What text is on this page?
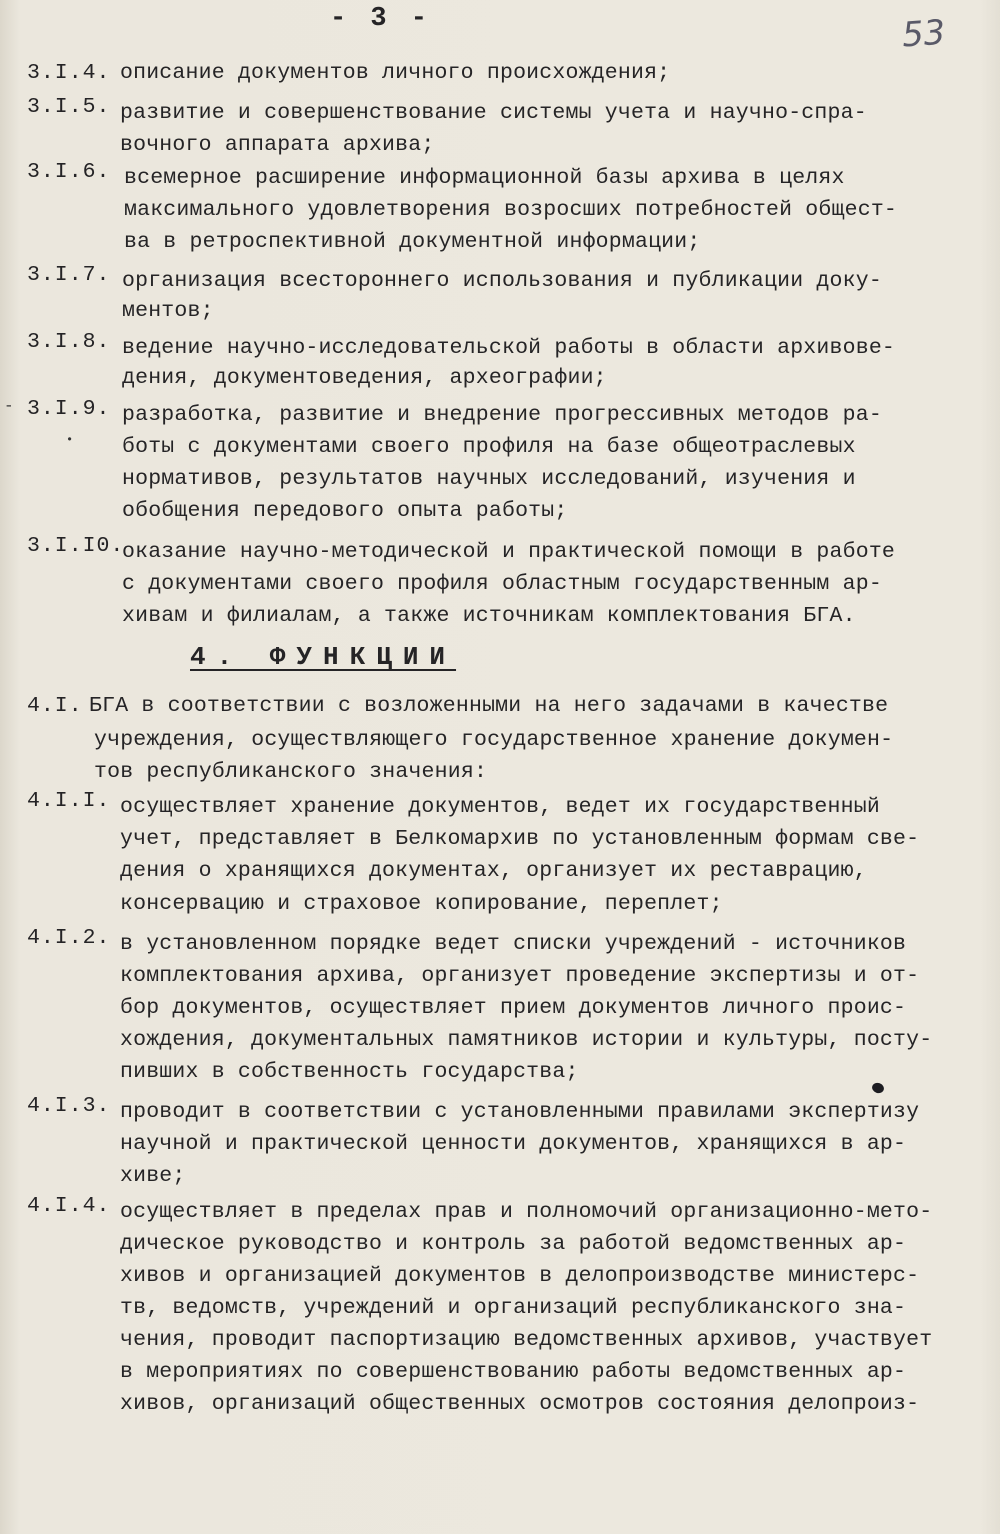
- 3 -	53
-
•
3.I.4. описание документов личного происхождения;
3.I.5. развитие и совершенствование системы учета и научно-спра-
вочного аппарата архива;
3.I.6. всемерное расширение информационной базы архива в целях
максимального удовлетворения возросших потребностей общест-
ва в ретроспективной документной информации;
3.I.7. организация всестороннего использования и публикации доку-
ментов;
3.I.8. ведение научно-исследовательской работы в области архивове-
дения, документоведения, археографии;
3.I.9. разработка, развитие и внедрение прогрессивных методов ра-
боты с документами своего профиля на базе общеотраслевых
нормативов, результатов научных исследований, изучения и
обобщения передового опыта работы;
3.I.I0.
оказание научно-методической и практической помощи в работе
с документами своего профиля областным государственным ар-
хивам и филиалам, а также источникам комплектования БГА.
4. ФУНКЦИИ
4.I. БГА в соответствии с возложенными на него задачами в качестве
учреждения, осуществляющего государственное хранение докумен-
тов республиканского значения:
4.I.I. осуществляет хранение документов, ведет их государственный
учет, представляет в Белкомархив по установленным формам све-
дения о хранящихся документах, организует их реставрацию,
консервацию и страховое копирование, переплет;
4.I.2. в установленном порядке ведет списки учреждений - источников
комплектования архива, организует проведение экспертизы и от-
бор документов, осуществляет прием документов личного проис-
хождения, документальных памятников истории и культуры, посту-
пивших в собственность государства;
4.I.3. проводит в соответствии с установленными правилами экспертизу
научной и практической ценности документов, хранящихся в ар-
хиве;
4.I.4. осуществляет в пределах прав и полномочий организационно-мето-
дическое руководство и контроль за работой ведомственных ар-
хивов и организацией документов в делопроизводстве министерс-
тв, ведомств, учреждений и организаций республиканского зна-
чения, проводит паспортизацию ведомственных архивов, участвует
в мероприятиях по совершенствованию работы ведомственных ар-
хивов, организаций общественных осмотров состояния делопроиз-
